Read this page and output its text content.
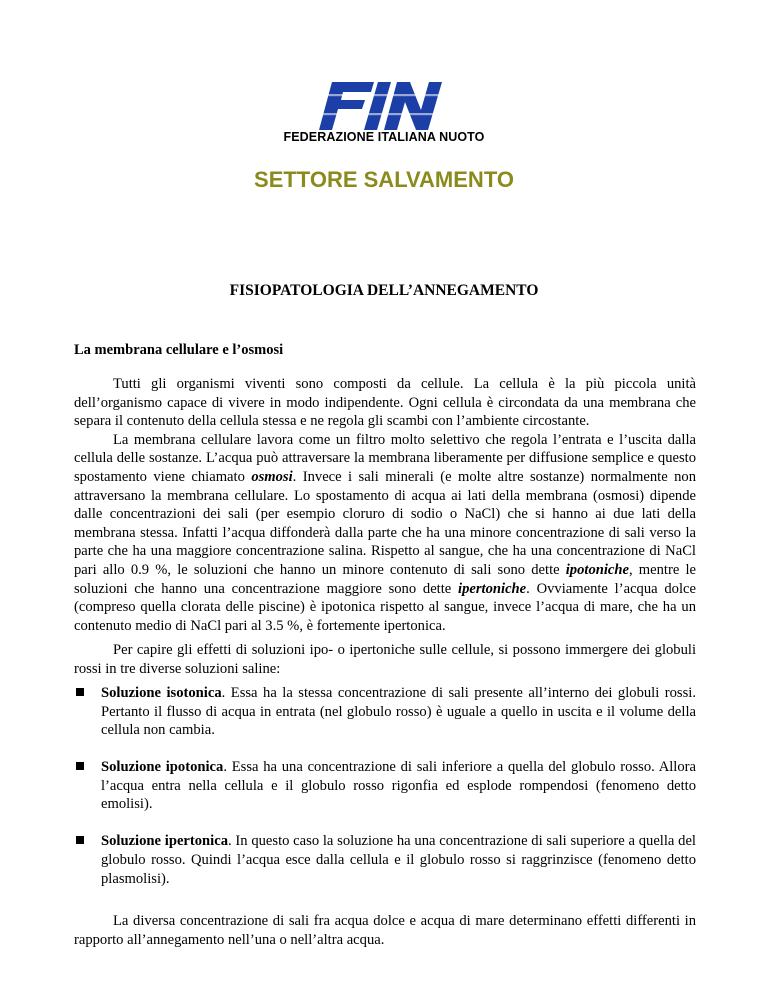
FEDERAZIONE ITALIANA NUOTO
SETTORE SALVAMENTO
FISIOPATOLOGIA DELL’ANNEGAMENTO
La membrana cellulare e l’osmosi

Tutti gli organismi viventi sono composti da cellule. La cellula è la più piccola unità dell’organismo capace di vivere in modo indipendente. Ogni cellula è circondata da una membrana che separa il contenuto della cellula stessa e ne regola gli scambi con l’ambiente circostante.

La membrana cellulare lavora come un filtro molto selettivo che regola l’entrata e l’uscita dalla cellula delle sostanze. L’acqua può attraversare la membrana liberamente per diffusione semplice e questo spostamento viene chiamato osmosi. Invece i sali minerali (e molte altre sostanze) normalmente non attraversano la membrana cellulare. Lo spostamento di acqua ai lati della membrana (osmosi) dipende dalle concentrazioni dei sali (per esempio cloruro di sodio o NaCl) che si hanno ai due lati della membrana stessa. Infatti l’acqua diffonderà dalla parte che ha una minore concentrazione di sali verso la parte che ha una maggiore concentrazione salina. Rispetto al sangue, che ha una concentrazione di NaCl pari allo 0.9 %, le soluzioni che hanno un minore contenuto di sali sono dette ipotoniche, mentre le soluzioni che hanno una concentrazione maggiore sono dette ipertoniche. Ovviamente l’acqua dolce (compreso quella clorata delle piscine) è ipotonica rispetto al sangue, invece l’acqua di mare, che ha un contenuto medio di NaCl pari al 3.5 %, è fortemente ipertonica.

Per capire gli effetti di soluzioni ipo- o ipertoniche sulle cellule, si possono immergere dei globuli rossi in tre diverse soluzioni saline:

Soluzione isotonica. Essa ha la stessa concentrazione di sali presente all’interno dei globuli rossi. Pertanto il flusso di acqua in entrata (nel globulo rosso) è uguale a quello in uscita e il volume della cellula non cambia.
Soluzione ipotonica. Essa ha una concentrazione di sali inferiore a quella del globulo rosso. Allora l’acqua entra nella cellula e il globulo rosso rigonfia ed esplode rompendosi (fenomeno detto emolisi).
Soluzione ipertonica. In questo caso la soluzione ha una concentrazione di sali superiore a quella del globulo rosso. Quindi l’acqua esce dalla cellula e il globulo rosso si raggrinzisce (fenomeno detto plasmolisi).

La diversa concentrazione di sali fra acqua dolce e acqua di mare determinano effetti differenti in rapporto all’annegamento nell’una o nell’altra acqua.
